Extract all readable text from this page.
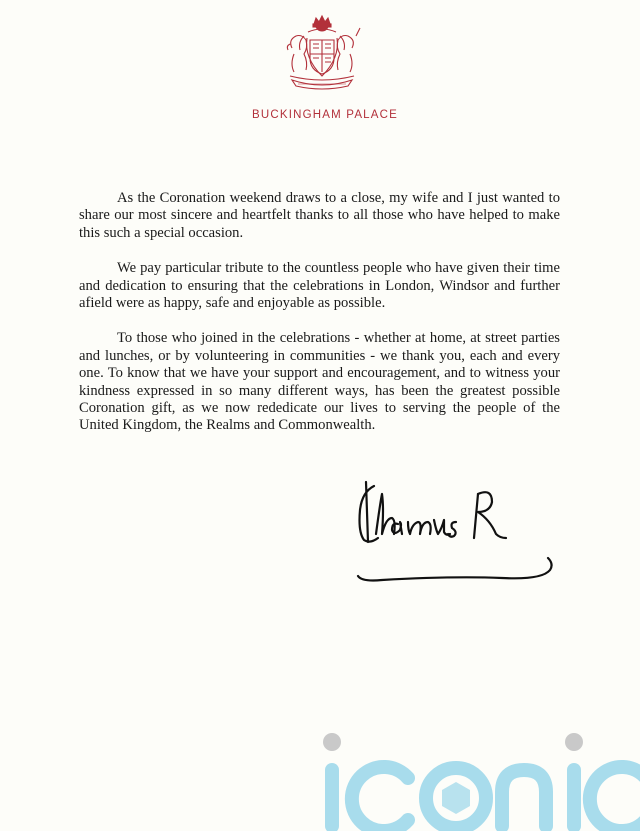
BUCKINGHAM PALACE

As the Coronation weekend draws to a close, my wife and I just wanted to share our most sincere and heartfelt thanks to all those who have helped to make this such a special occasion.

We pay particular tribute to the countless people who have given their time and dedication to ensuring that the celebrations in London, Windsor and further afield were as happy, safe and enjoyable as possible.

To those who joined in the celebrations - whether at home, at street parties and lunches, or by volunteering in communities - we thank you, each and every one. To know that we have your support and encouragement, and to witness your kindness expressed in so many different ways, has been the greatest possible Coronation gift, as we now rededicate our lives to serving the people of the United Kingdom, the Realms and Commonwealth.
